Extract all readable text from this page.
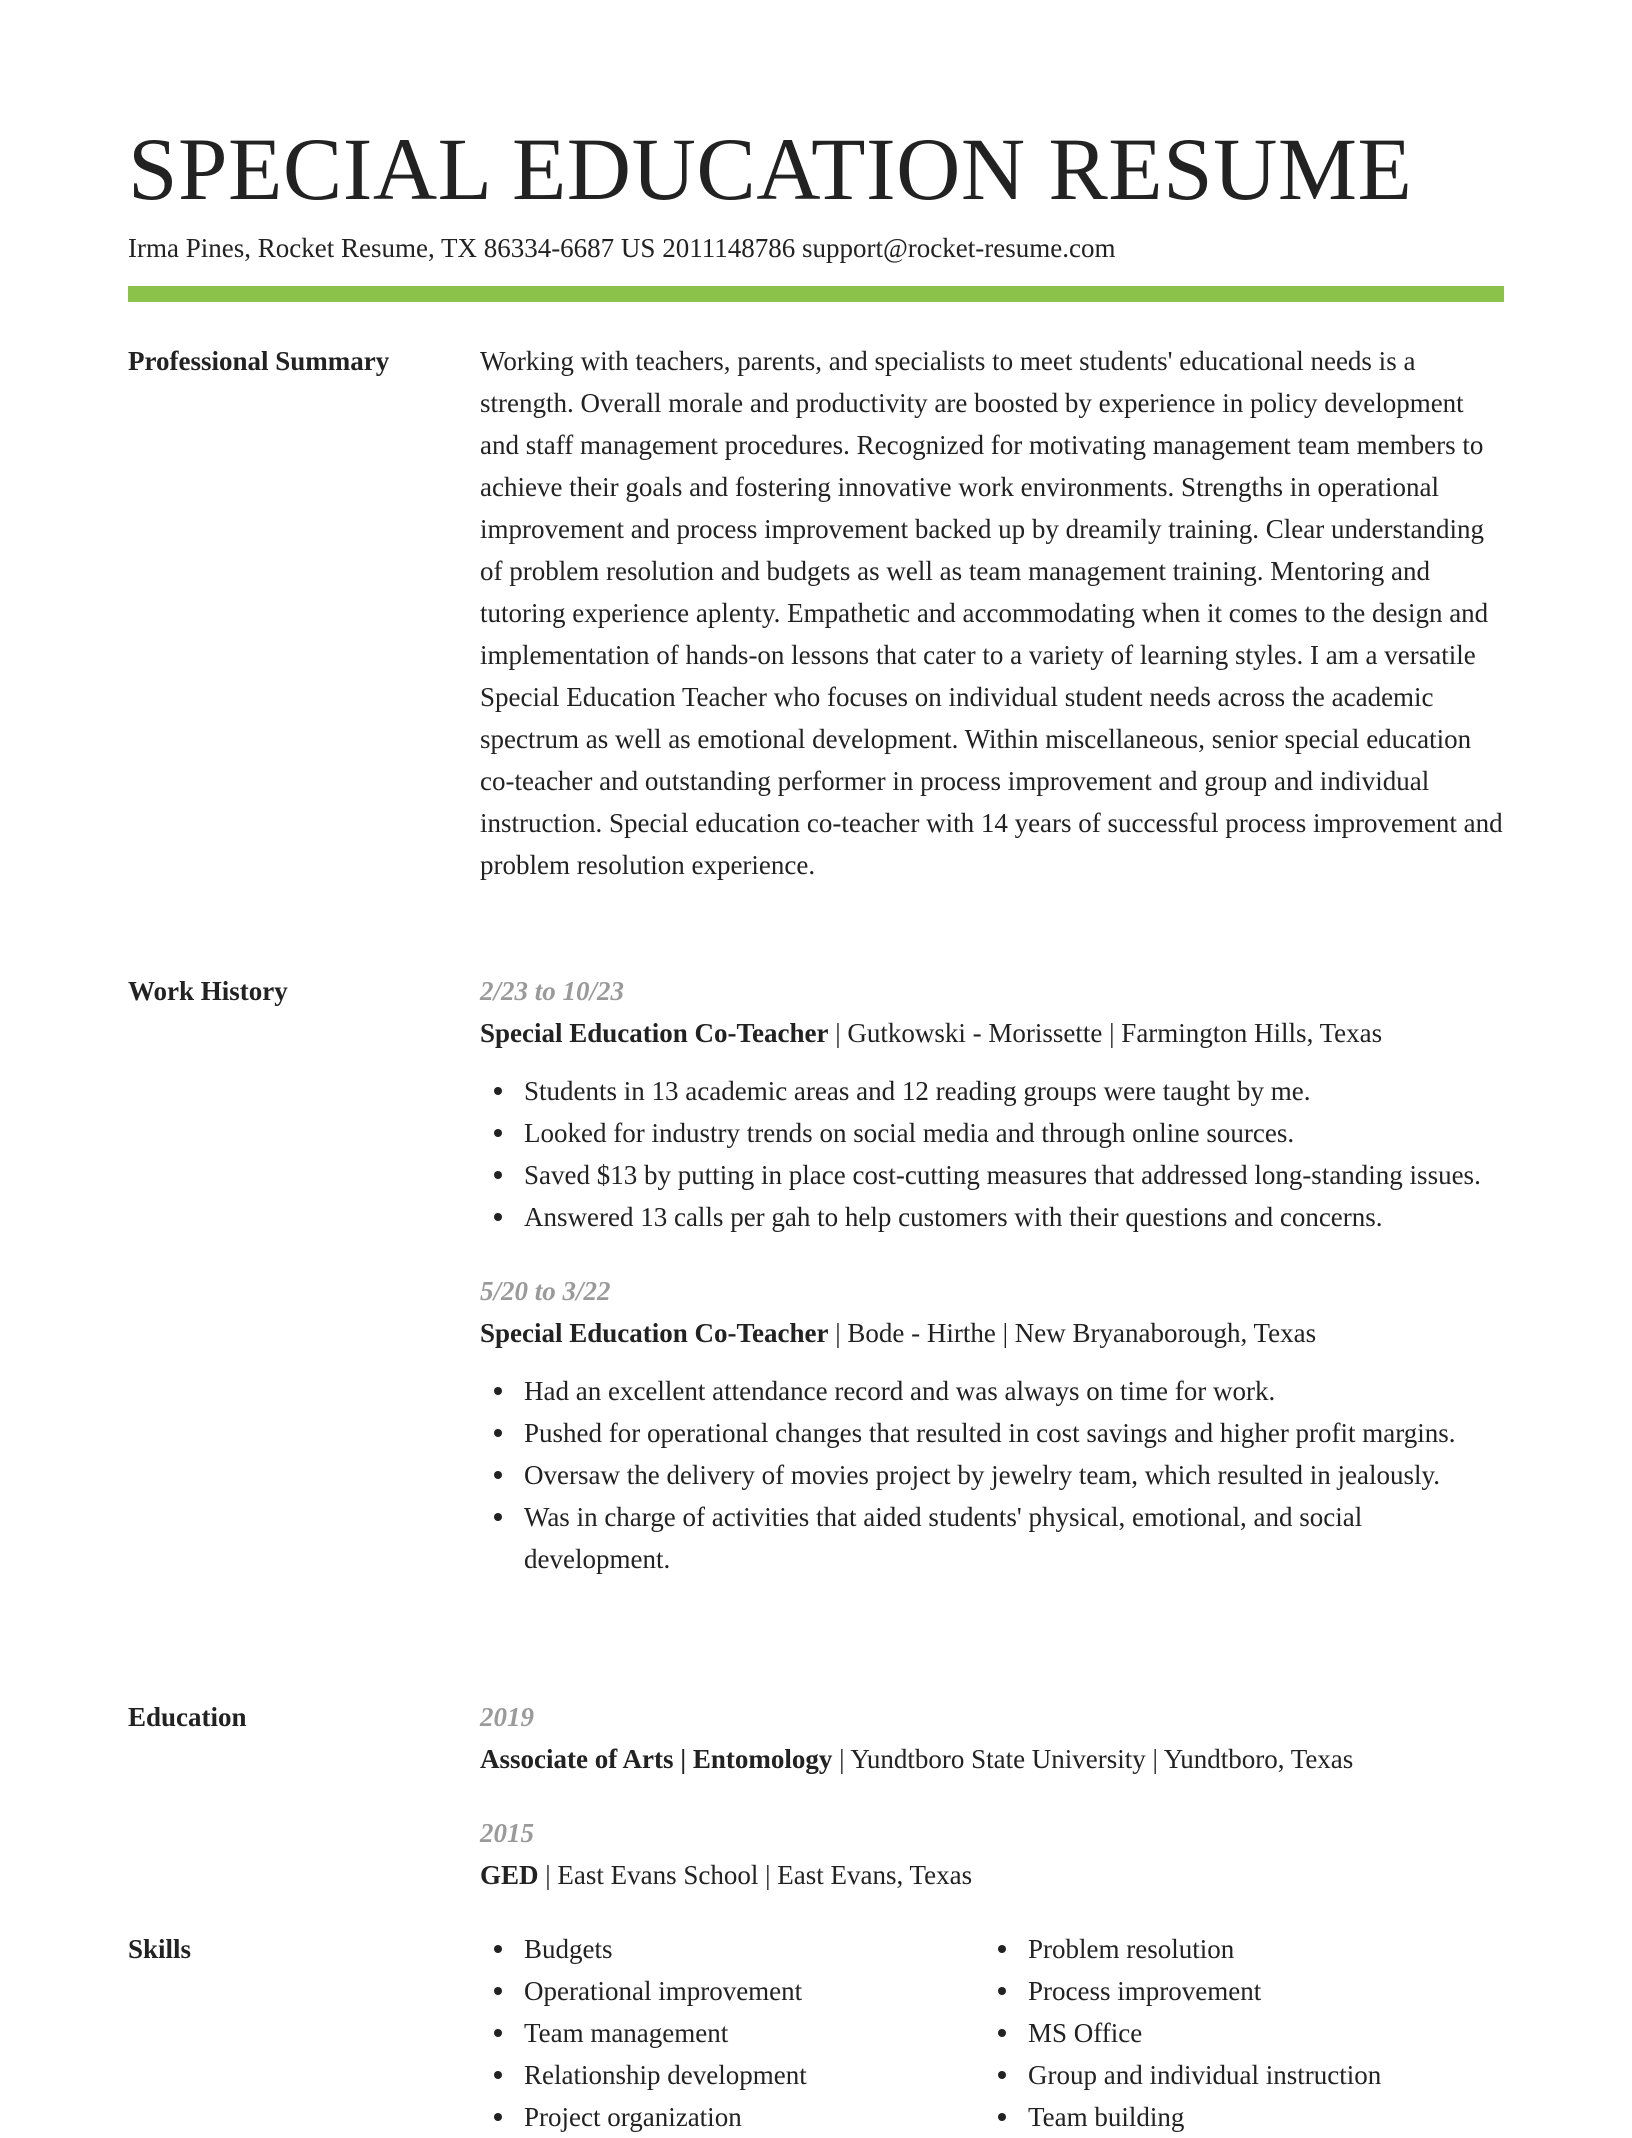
SPECIAL EDUCATION RESUME
Irma Pines, Rocket Resume, TX 86334-6687 US 2011148786 support@rocket-resume.com
Professional Summary	Working with teachers, parents, and specialists to meet students' educational needs is a strength. Overall morale and productivity are boosted by experience in policy development and staff management procedures. Recognized for motivating management team members to achieve their goals and fostering innovative work environments. Strengths in operational improvement and process improvement backed up by dreamily training. Clear understanding of problem resolution and budgets as well as team management training. Mentoring and tutoring experience aplenty. Empathetic and accommodating when it comes to the design and implementation of hands-on lessons that cater to a variety of learning styles. I am a versatile Special Education Teacher who focuses on individual student needs across the academic spectrum as well as emotional development. Within miscellaneous, senior special education co-teacher and outstanding performer in process improvement and group and individual instruction. Special education co-teacher with 14 years of successful process improvement and problem resolution experience.

Work History	2/23 to 10/23
Special Education Co-Teacher | Gutkowski - Morissette | Farmington Hills, Texas
Students in 13 academic areas and 12 reading groups were taught by me.
Looked for industry trends on social media and through online sources.
Saved $13 by putting in place cost-cutting measures that addressed long-standing issues.
Answered 13 calls per gah to help customers with their questions and concerns.
5/20 to 3/22
Special Education Co-Teacher | Bode - Hirthe | New Bryanaborough, Texas
Had an excellent attendance record and was always on time for work.
Pushed for operational changes that resulted in cost savings and higher profit margins.
Oversaw the delivery of movies project by jewelry team, which resulted in jealously.
Was in charge of activities that aided students' physical, emotional, and social development.
Education	2019
Associate of Arts | Entomology | Yundtboro State University | Yundtboro, Texas
2015
GED | East Evans School | East Evans, Texas
Skills	Budgets
Operational improvement
Team management
Relationship development
Project organization
Problem resolution
Process improvement
MS Office
Group and individual instruction
Team building
